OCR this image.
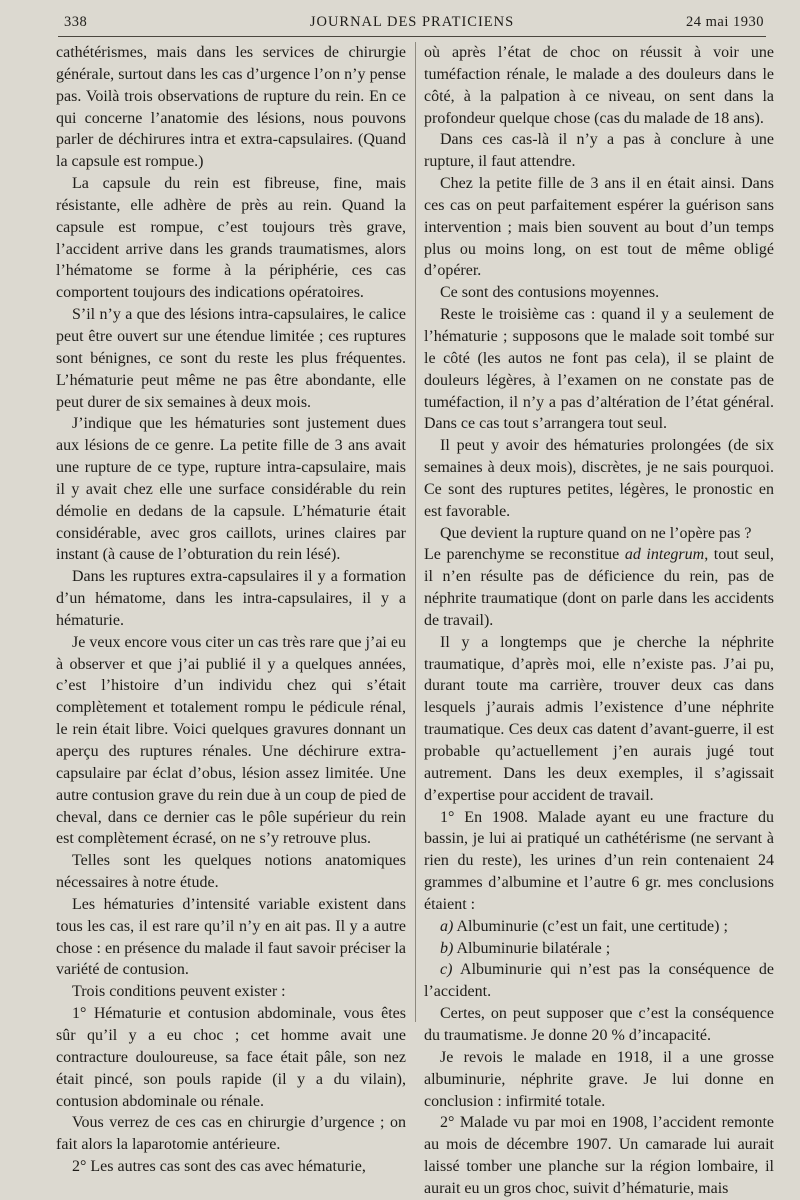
338	JOURNAL DES PRATICIENS	24 mai 1930

cathétérismes, mais dans les services de chirurgie générale, surtout dans les cas d’urgence l’on n’y pense pas. Voilà trois observations de rupture du rein. En ce qui concerne l’anatomie des lésions, nous pouvons parler de déchirures intra et extra-capsulaires. (Quand la capsule est rompue.)

La capsule du rein est fibreuse, fine, mais résistante, elle adhère de près au rein. Quand la capsule est rompue, c’est toujours très grave, l’accident arrive dans les grands traumatismes, alors l’hématome se forme à la périphérie, ces cas comportent toujours des indications opératoires.

S’il n’y a que des lésions intra-capsulaires, le calice peut être ouvert sur une étendue limitée ; ces ruptures sont bénignes, ce sont du reste les plus fréquentes. L’hématurie peut même ne pas être abondante, elle peut durer de six semaines à deux mois.

J’indique que les hématuries sont justement dues aux lésions de ce genre. La petite fille de 3 ans avait une rupture de ce type, rupture intra-capsulaire, mais il y avait chez elle une surface considérable du rein démolie en dedans de la capsule. L’hématurie était considérable, avec gros caillots, urines claires par instant (à cause de l’obturation du rein lésé).

Dans les ruptures extra-capsulaires il y a formation d’un hématome, dans les intra-capsulaires, il y a hématurie.

Je veux encore vous citer un cas très rare que j’ai eu à observer et que j’ai publié il y a quelques années, c’est l’histoire d’un individu chez qui s’était complètement et totalement rompu le pédicule rénal, le rein était libre. Voici quelques gravures donnant un aperçu des ruptures rénales. Une déchirure extra-capsulaire par éclat d’obus, lésion assez limitée. Une autre contusion grave du rein due à un coup de pied de cheval, dans ce dernier cas le pôle supérieur du rein est complètement écrasé, on ne s’y retrouve plus.

Telles sont les quelques notions anatomiques nécessaires à notre étude.

Les hématuries d’intensité variable existent dans tous les cas, il est rare qu’il n’y en ait pas. Il y a autre chose : en présence du malade il faut savoir préciser la variété de contusion.

Trois conditions peuvent exister :

1° Hématurie et contusion abdominale, vous êtes sûr qu’il y a eu choc ; cet homme avait une contracture douloureuse, sa face était pâle, son nez était pincé, son pouls rapide (il y a du vilain), contusion abdominale ou rénale.

Vous verrez de ces cas en chirurgie d’urgence ; on fait alors la laparotomie antérieure.

2° Les autres cas sont des cas avec hématurie,

où après l’état de choc on réussit à voir une tuméfaction rénale, le malade a des douleurs dans le côté, à la palpation à ce niveau, on sent dans la profondeur quelque chose (cas du malade de 18 ans).

Dans ces cas-là il n’y a pas à conclure à une rupture, il faut attendre.

Chez la petite fille de 3 ans il en était ainsi. Dans ces cas on peut parfaitement espérer la guérison sans intervention ; mais bien souvent au bout d’un temps plus ou moins long, on est tout de même obligé d’opérer.

Ce sont des contusions moyennes.

Reste le troisième cas : quand il y a seulement de l’hématurie ; supposons que le malade soit tombé sur le côté (les autos ne font pas cela), il se plaint de douleurs légères, à l’examen on ne constate pas de tuméfaction, il n’y a pas d’altération de l’état général. Dans ce cas tout s’arrangera tout seul.

Il peut y avoir des hématuries prolongées (de six semaines à deux mois), discrètes, je ne sais pourquoi. Ce sont des ruptures petites, légères, le pronostic en est favorable.

Que devient la rupture quand on ne l’opère pas ?

Le parenchyme se reconstitue ad integrum, tout seul, il n’en résulte pas de déficience du rein, pas de néphrite traumatique (dont on parle dans les accidents de travail).

Il y a longtemps que je cherche la néphrite traumatique, d’après moi, elle n’existe pas. J’ai pu, durant toute ma carrière, trouver deux cas dans lesquels j’aurais admis l’existence d’une néphrite traumatique. Ces deux cas datent d’avant-guerre, il est probable qu’actuellement j’en aurais jugé tout autrement. Dans les deux exemples, il s’agissait d’expertise pour accident de travail.

1° En 1908. Malade ayant eu une fracture du bassin, je lui ai pratiqué un cathétérisme (ne servant à rien du reste), les urines d’un rein contenaient 24 grammes d’albumine et l’autre 6 gr. mes conclusions étaient :

a) Albuminurie (c’est un fait, une certitude) ;

b) Albuminurie bilatérale ;

c) Albuminurie qui n’est pas la conséquence de l’accident.

Certes, on peut supposer que c’est la conséquence du traumatisme. Je donne 20 % d’incapacité.

Je revois le malade en 1918, il a une grosse albuminurie, néphrite grave. Je lui donne en conclusion : infirmité totale.

2° Malade vu par moi en 1908, l’accident remonte au mois de décembre 1907. Un camarade lui aurait laissé tomber une planche sur la région lombaire, il aurait eu un gros choc, suivit d’hématurie, mais
